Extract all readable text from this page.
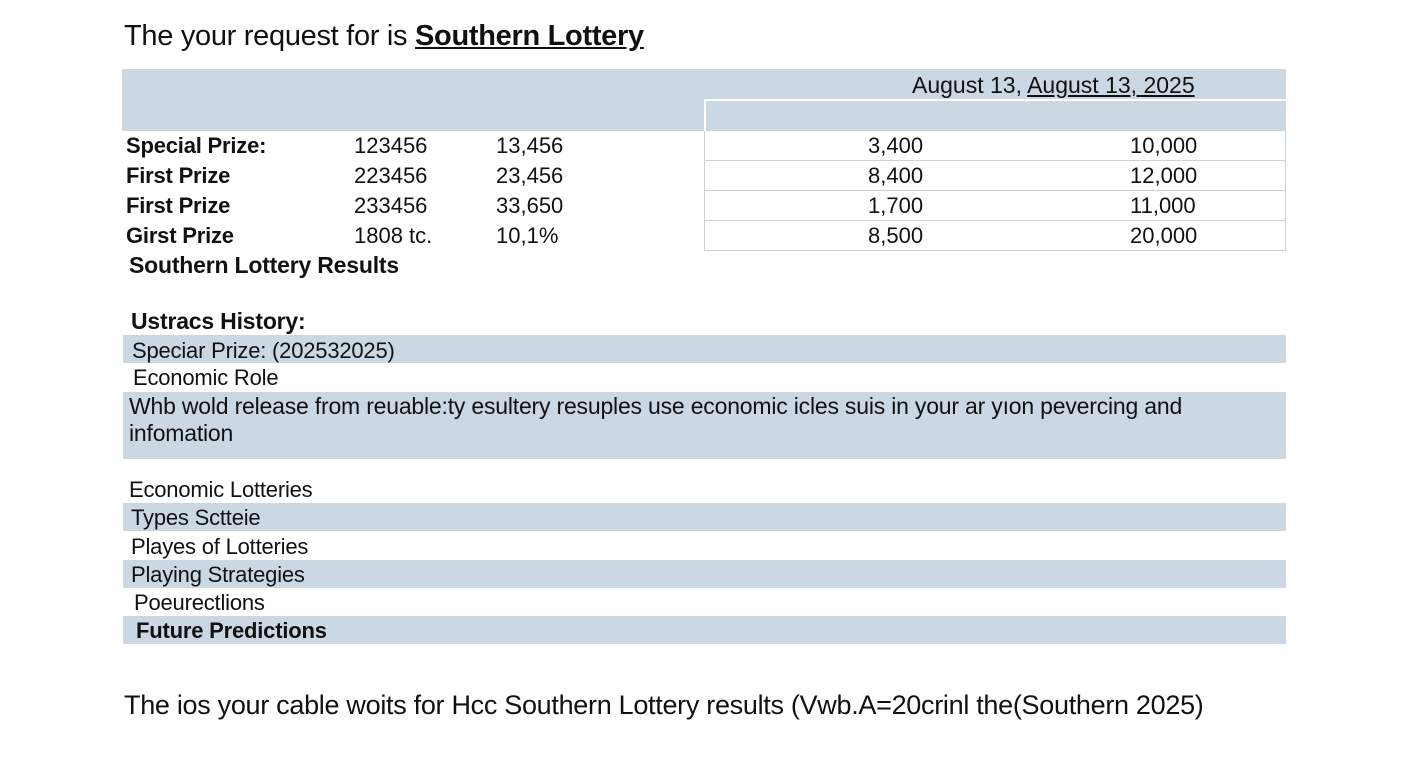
The your request for is Southern Lottery
August 13, August 13, 2025
Special Prize:	123456	13,456	3,400	10,000
First Prize	223456	23,456	8,400	12,000
First Prize	233456	33,650	1,700	11,000
Girst Prize	1808 tc.	10,1%	8,500	20,000
Southern Lottery Results
Ustracs History:
Speciar Prize: (202532025)
Economic Role
Whb wold release from reuable:ty esultery resuples use economic icles suis in your ar yıon pevercing and infomation
Economic Lotteries
Types Sctteie
Playes of Lotteries
Playing Strategies
Poeurectlions
Future Predictions
The ios your cable woits for Hcc Southern Lottery results (Vwb.A=20crinl the(Southern 2025)
